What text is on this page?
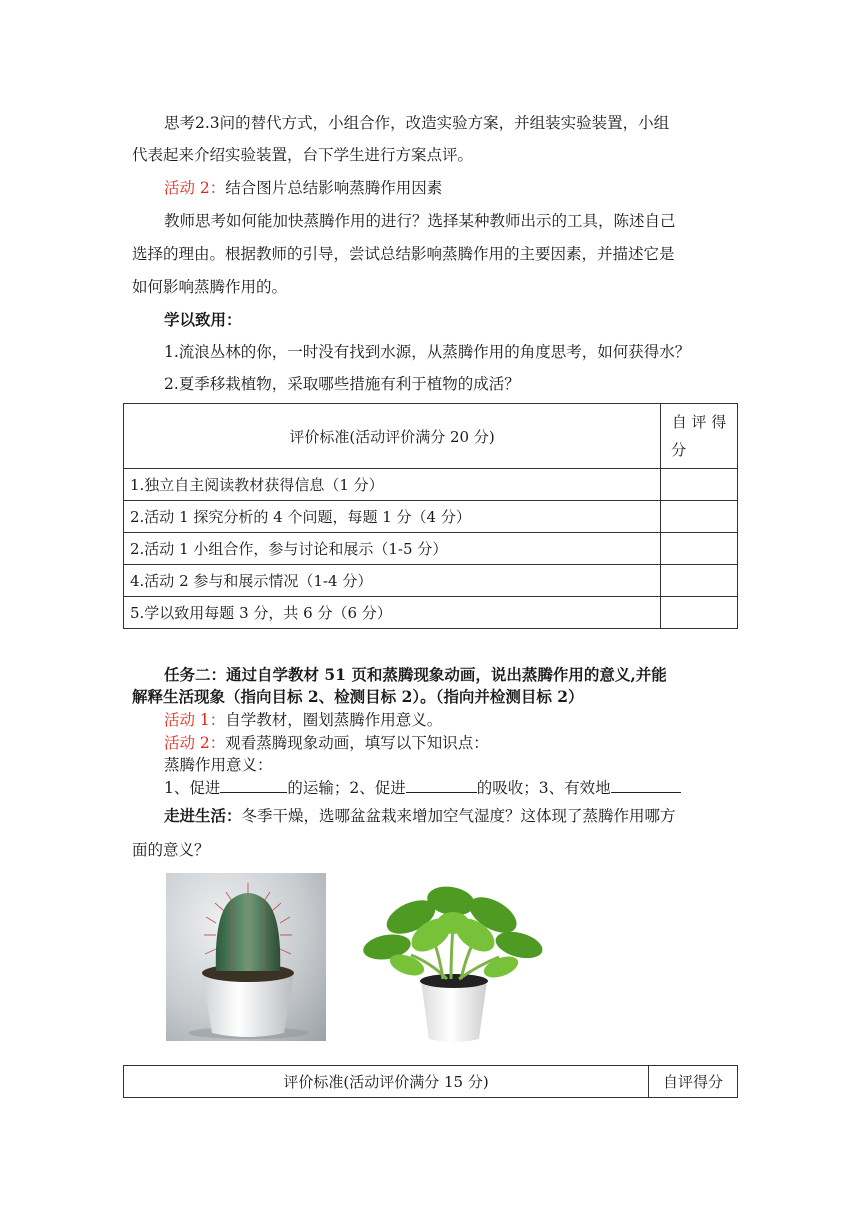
思考2.3问的替代方式，小组合作，改造实验方案，并组装实验装置，小组
代表起来介绍实验装置，台下学生进行方案点评。
活动 2：结合图片总结影响蒸腾作用因素
教师思考如何能加快蒸腾作用的进行？选择某种教师出示的工具，陈述自己
选择的理由。根据教师的引导，尝试总结影响蒸腾作用的主要因素，并描述它是
如何影响蒸腾作用的。
学以致用：
1.流浪丛林的你，一时没有找到水源，从蒸腾作用的角度思考，如何获得水？
2.夏季移栽植物，采取哪些措施有利于植物的成活？
评价标准(活动评价满分 20 分)	自 评 得
分

1.独立自主阅读教材获得信息（1 分）	
2.活动 1 探究分析的 4 个问题，每题 1 分（4 分）	
2.活动 1 小组合作，参与讨论和展示（1-5 分）	
4.活动 2 参与和展示情况（1-4 分）	
5.学以致用每题 3 分，共 6 分（6 分）	
任务二：通过自学教材 51 页和蒸腾现象动画，说出蒸腾作用的意义,并能
解释生活现象（指向目标 2、检测目标 2）。（指向并检测目标 2）
活动 1：自学教材，圈划蒸腾作用意义。
活动 2：观看蒸腾现象动画，填写以下知识点：
蒸腾作用意义：
1、促进	的运输；2、促进	的吸收；3、有效地
走进生活：冬季干燥，选哪盆盆栽来增加空气湿度？这体现了蒸腾作用哪方
面的意义？
评价标准(活动评价满分 15 分)	自评得分
